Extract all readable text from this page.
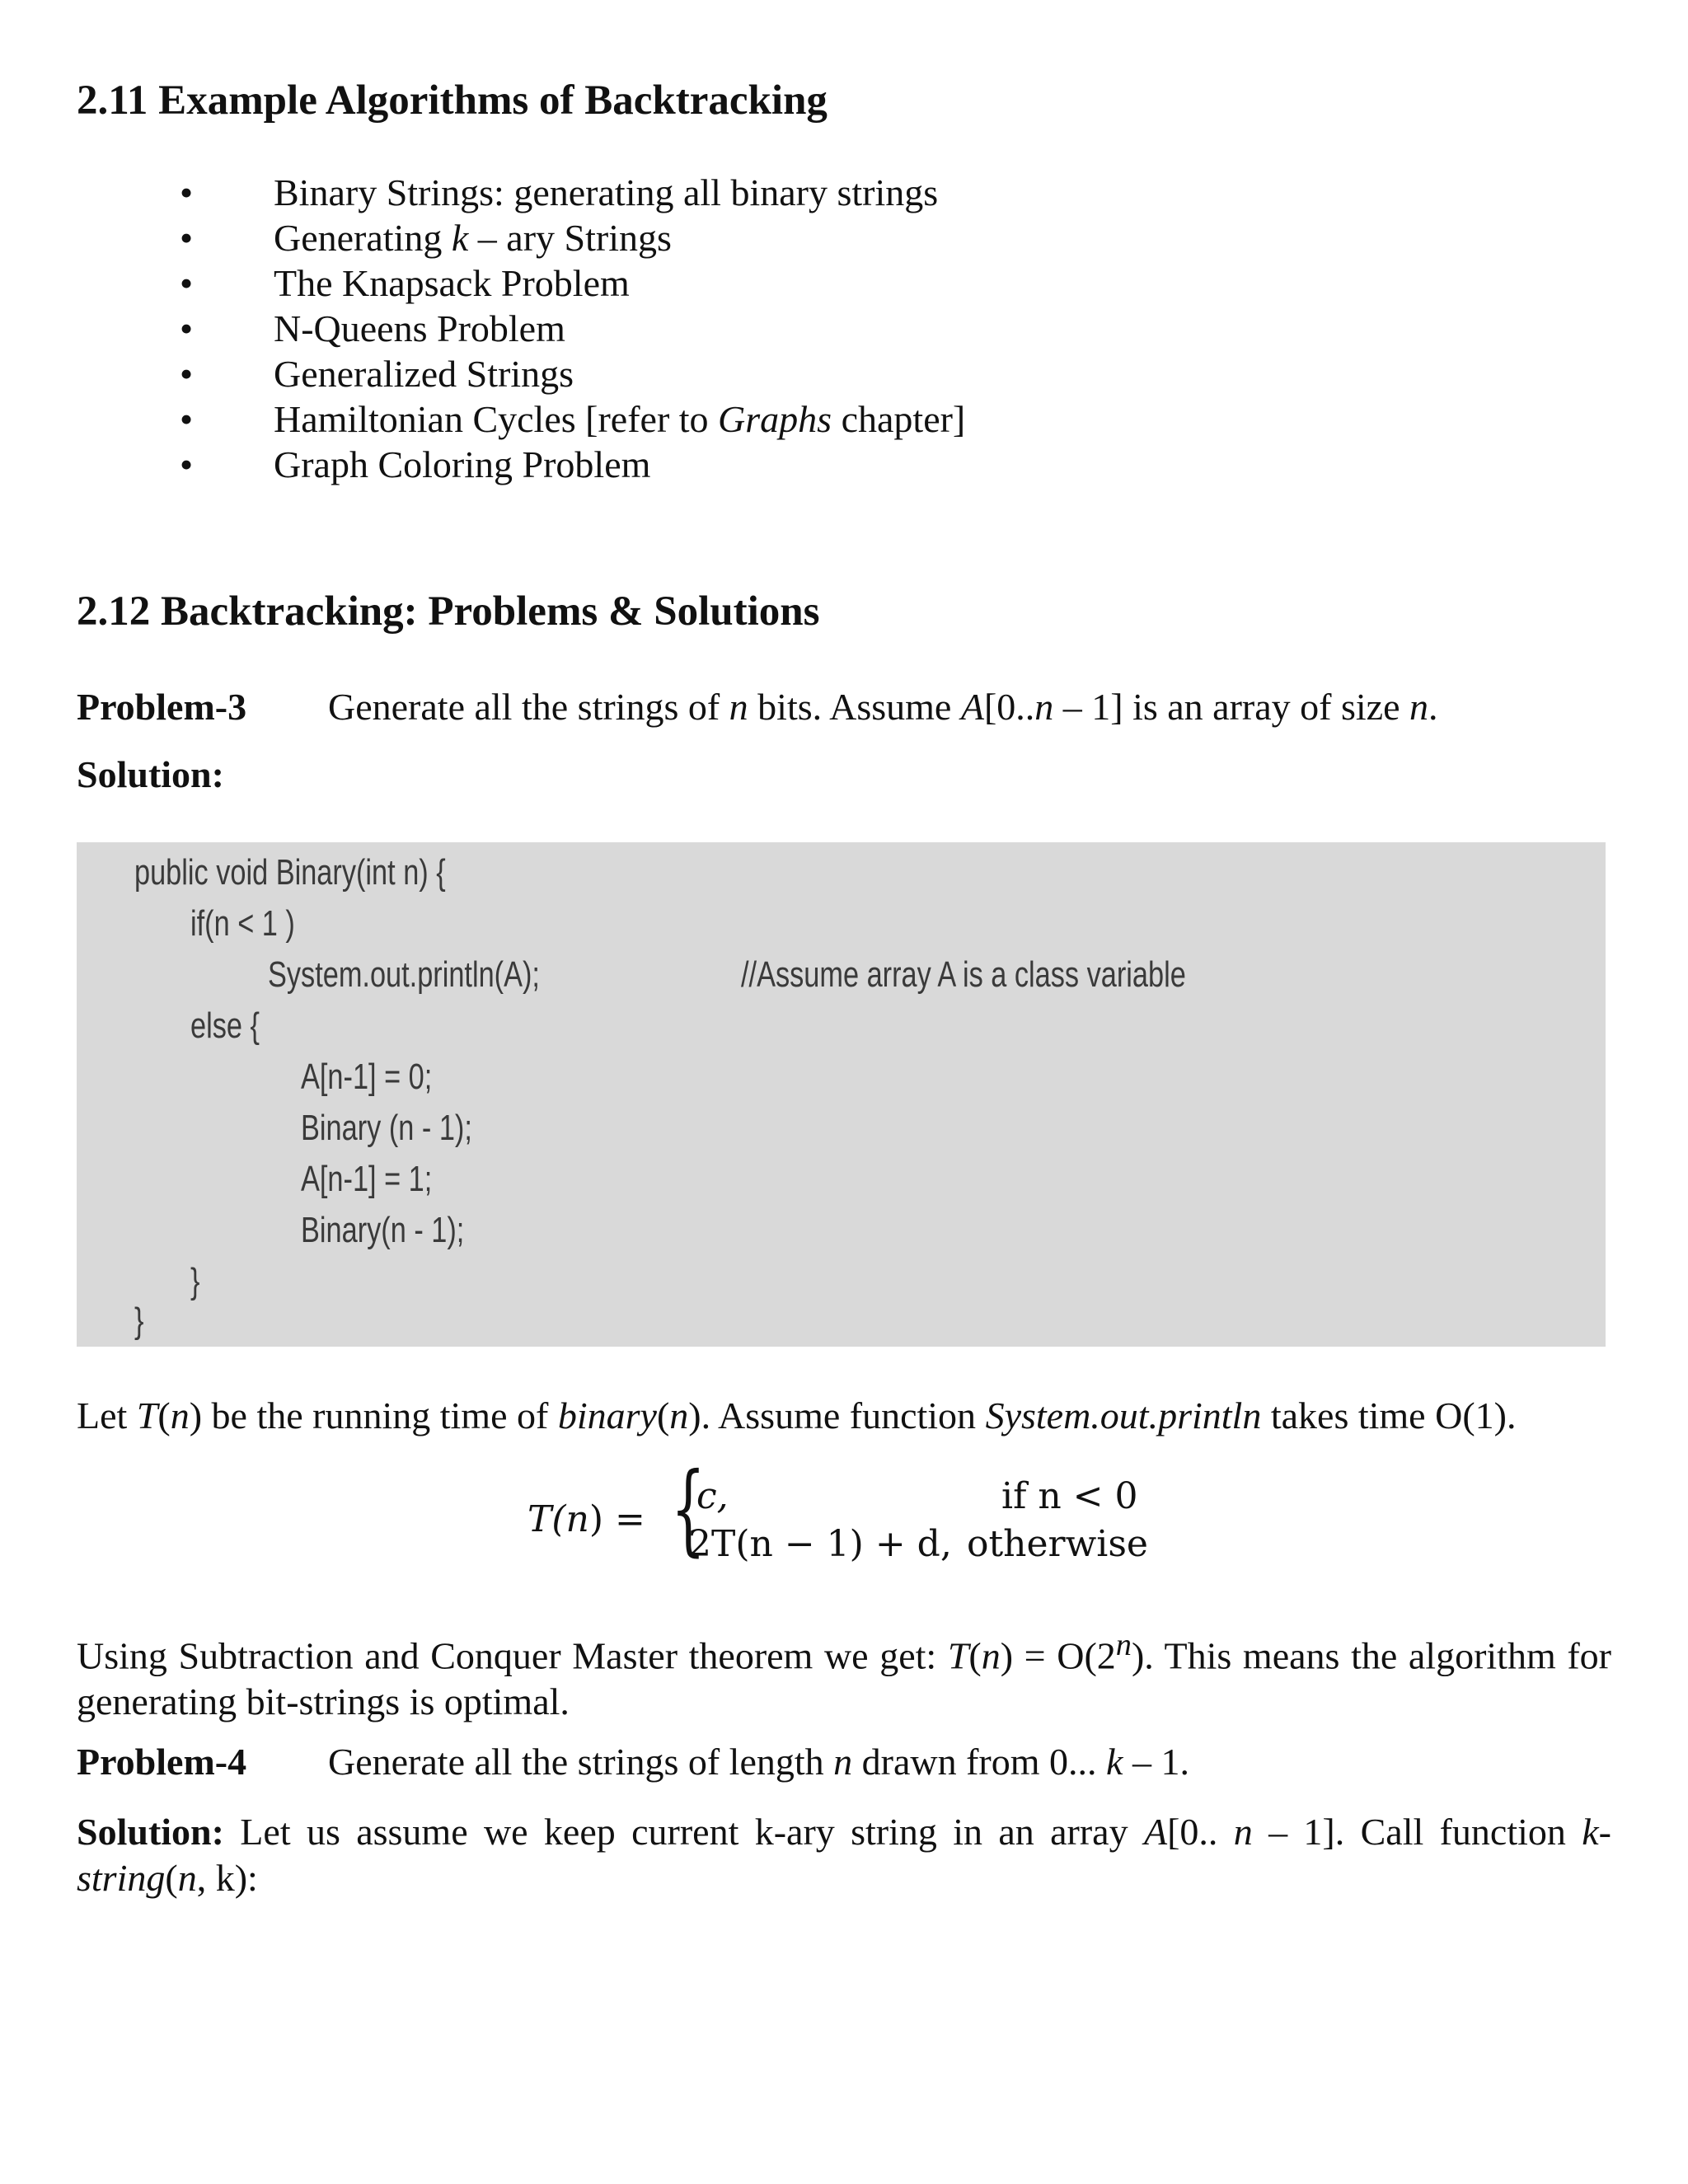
2.11 Example Algorithms of Backtracking
• Binary Strings: generating all binary strings
• Generating k – ary Strings
• The Knapsack Problem
• N-Queens Problem
• Generalized Strings
• Hamiltonian Cycles [refer to Graphs chapter]
• Graph Coloring Problem
2.12 Backtracking: Problems & Solutions
Problem-3 Generate all the strings of n bits. Assume A[0..n – 1] is an array of size n.
Solution:
public void Binary(int n) {
if(n < 1 )
System.out.println(A);	//Assume array A is a class variable
else {
A[n-1] = 0;
Binary (n - 1);
A[n-1] = 1;
Binary(n - 1);
}
}
Let T(n) be the running time of binary(n). Assume function System.out.println takes time O(1).
T(n) = {
c,	if n < 0
2T(n − 1) + d, otherwise
Using Subtraction and Conquer Master theorem we get: $T(n) = O(2^n)$. This means the algorithm for generating bit-strings is optimal.
Problem-4 Generate all the strings of length n drawn from 0... k – 1.
Solution: Let us assume we keep current k-ary string in an array A[0.. n – 1]. Call function k-string(n, k):
